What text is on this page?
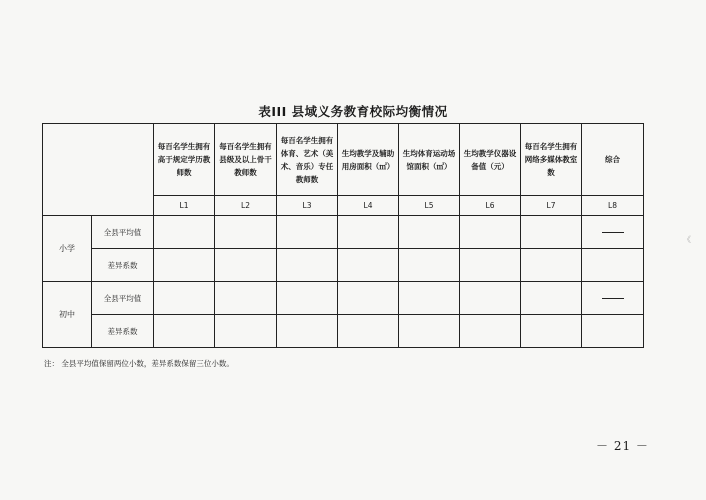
表III 县域义务教育校际均衡情况
		每百名学生拥有高于规定学历教师数	每百名学生拥有县级及以上骨干教师数	每百名学生拥有体育、艺术（美术、音乐）专任教师数	生均教学及辅助用房面积（㎡）	生均体育运动场馆面积（㎡）	生均教学仪器设备值（元）	每百名学生拥有网络多媒体教室数	综合
		L1	L2	L3	L4	L5	L6	L7	L8
小学	全县平均值								
	差异系数								
初中	全县平均值								
	差异系数								
注： 全县平均值保留两位小数，差异系数保留三位小数。
－ 21 －
《
